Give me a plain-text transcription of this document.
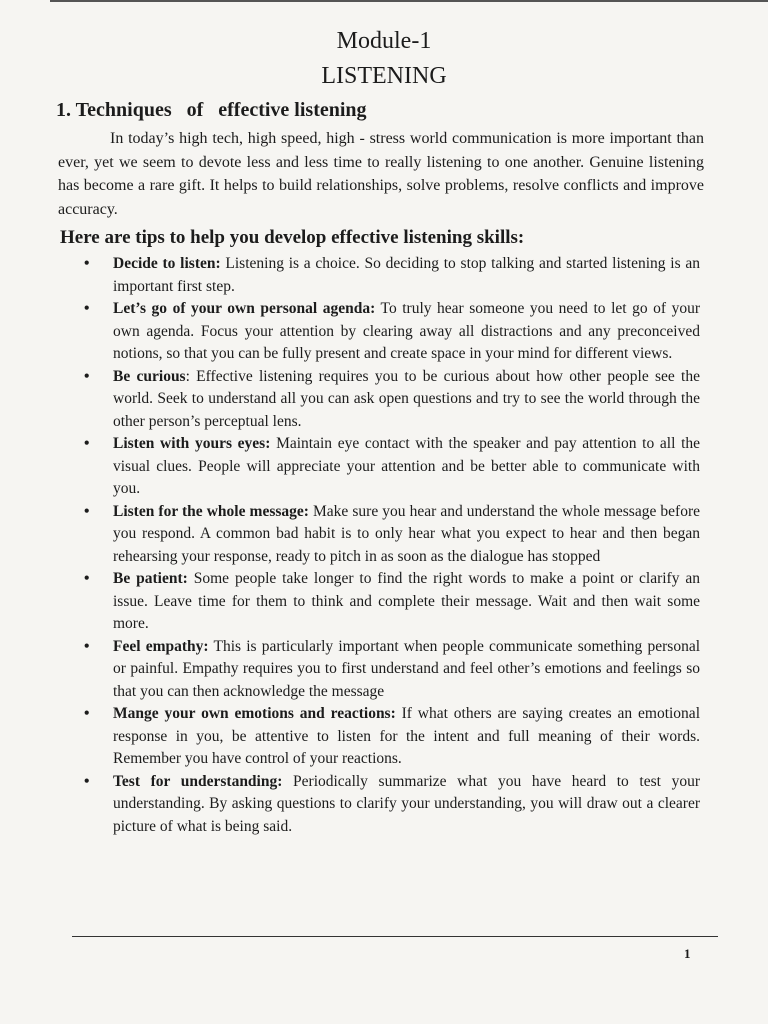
Module-1
LISTENING
1. Techniques   of   effective listening

In today’s high tech, high speed, high - stress world communication is more important than ever, yet we seem to devote less and less time to really listening to one another. Genuine listening has become a rare gift. It helps to build relationships, solve problems, resolve conflicts and improve accuracy.

Here are tips to help you develop effective listening skills:
•	Decide to listen: Listening is a choice. So deciding to stop talking and started listening is an important first step.
•	Let’s go of your own personal agenda: To truly hear someone you need to let go of your own agenda. Focus your attention by clearing away all distractions and any preconceived notions, so that you can be fully present and create space in your mind for different views.
•	Be curious: Effective listening requires you to be curious about how other people see the world. Seek to understand all you can ask open questions and try to see the world through the other person’s perceptual lens.
•	Listen with yours eyes: Maintain eye contact with the speaker and pay attention to all the visual clues. People will appreciate your attention and be better able to communicate with you.
•	Listen for the whole message: Make sure you hear and understand the whole message before you respond. A common bad habit is to only hear what you expect to hear and then began rehearsing your response, ready to pitch in as soon as the dialogue has stopped
•	Be patient: Some people take longer to find the right words to make a point or clarify an issue. Leave time for them to think and complete their message. Wait and then wait some more.
•	Feel empathy: This is particularly important when people communicate something personal or painful. Empathy requires you to first understand and feel other’s emotions and feelings so that you can then acknowledge the message
•	Mange your own emotions and reactions: If what others are saying creates an emotional response in you, be attentive to listen for the intent and full meaning of their words. Remember you have control of your reactions.
•	Test for understanding: Periodically summarize what you have heard to test your understanding. By asking questions to clarify your understanding, you will draw out a clearer picture of what is being said.
1
